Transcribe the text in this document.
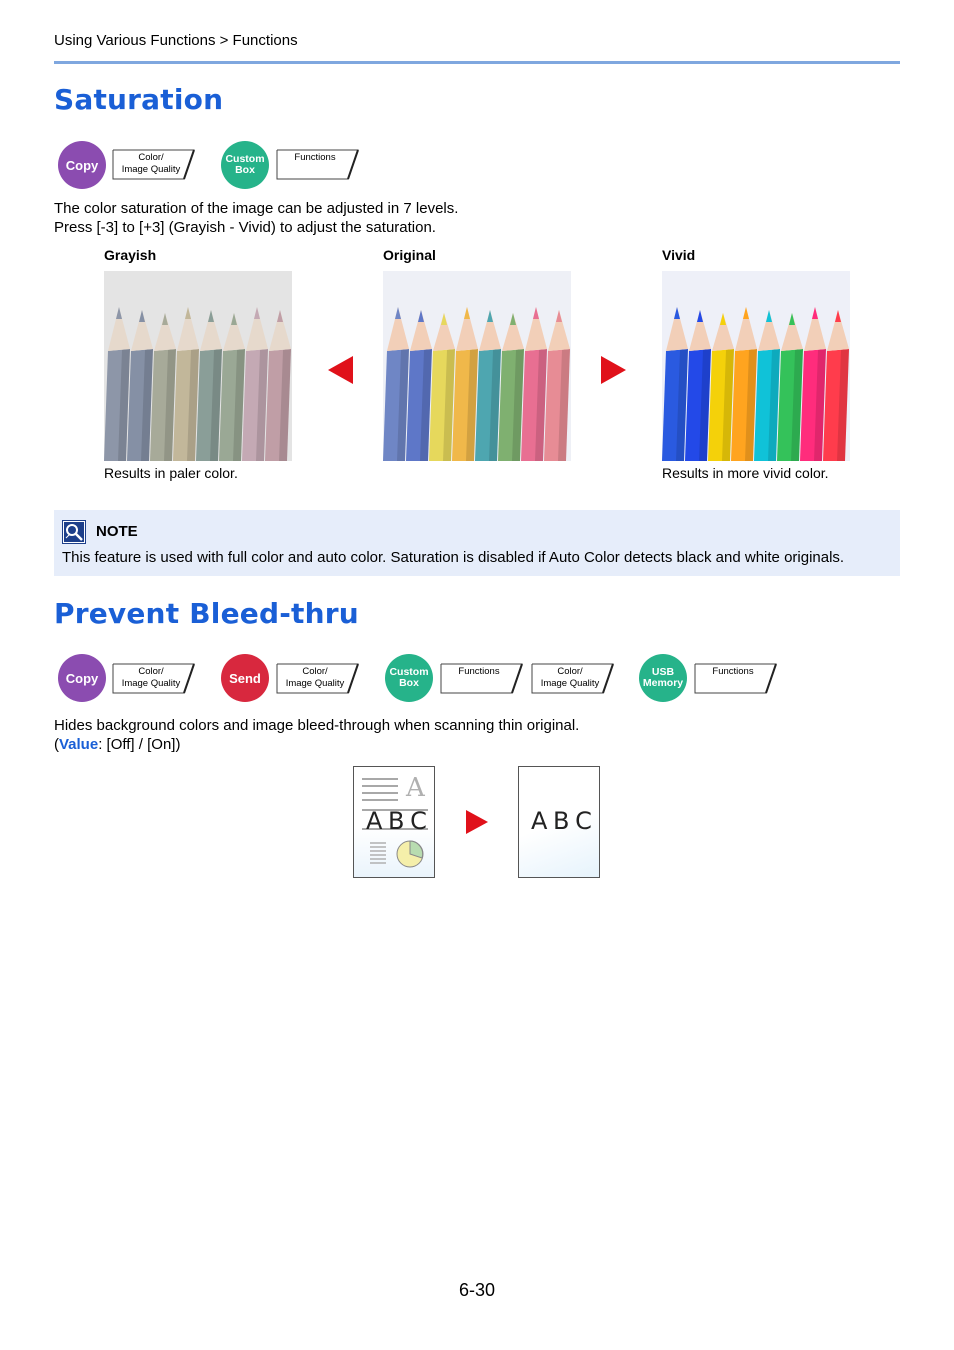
Using Various Functions > Functions
Saturation
Copy	Color/
Image Quality
Custom
Box
Functions
The color saturation of the image can be adjusted in 7 levels.
Press [-3] to [+3] (Grayish - Vivid) to adjust the saturation.
Grayish	Original	Vivid
Results in paler color.	Results in more vivid color.
NOTE
This feature is used with full color and auto color. Saturation is disabled if Auto Color detects black and white originals.
Prevent Bleed-thru
Copy	Color/
Image Quality	Send	Color/
Image Quality
Custom
Box
Functions	Color/
Image Quality
USB
Memory
Functions
Hides background colors and image bleed-through when scanning thin original.
(Value: [Off] / [On])
A
A B C	A B C
6-30
